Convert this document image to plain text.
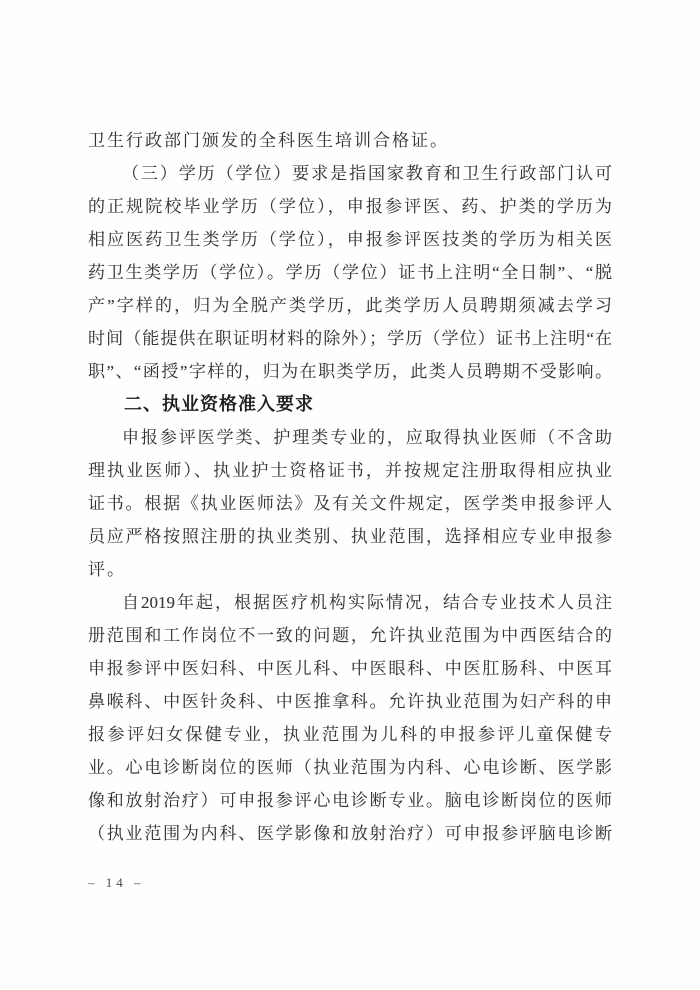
卫生行政部门颁发的全科医生培训合格证。
（三）学历（学位）要求是指国家教育和卫生行政部门认可
的正规院校毕业学历（学位），申报参评医、药、护类的学历为
相应医药卫生类学历（学位），申报参评医技类的学历为相关医
药卫生类学历（学位）。学历（学位）证书上注明“全日制”、“脱
产”字样的，归为全脱产类学历，此类学历人员聘期须减去学习
时间（能提供在职证明材料的除外）；学历（学位）证书上注明“在
职”、“函授”字样的，归为在职类学历，此类人员聘期不受影响。
二、执业资格准入要求
申报参评医学类、护理类专业的，应取得执业医师（不含助
理执业医师）、执业护士资格证书，并按规定注册取得相应执业
证书。根据《执业医师法》及有关文件规定，医学类申报参评人
员应严格按照注册的执业类别、执业范围，选择相应专业申报参
评。
自2019年起，根据医疗机构实际情况，结合专业技术人员注
册范围和工作岗位不一致的问题，允许执业范围为中西医结合的
申报参评中医妇科、中医儿科、中医眼科、中医肛肠科、中医耳
鼻喉科、中医针灸科、中医推拿科。允许执业范围为妇产科的申
报参评妇女保健专业，执业范围为儿科的申报参评儿童保健专
业。心电诊断岗位的医师（执业范围为内科、心电诊断、医学影
像和放射治疗）可申报参评心电诊断专业。脑电诊断岗位的医师
（执业范围为内科、医学影像和放射治疗）可申报参评脑电诊断
– 14 –
